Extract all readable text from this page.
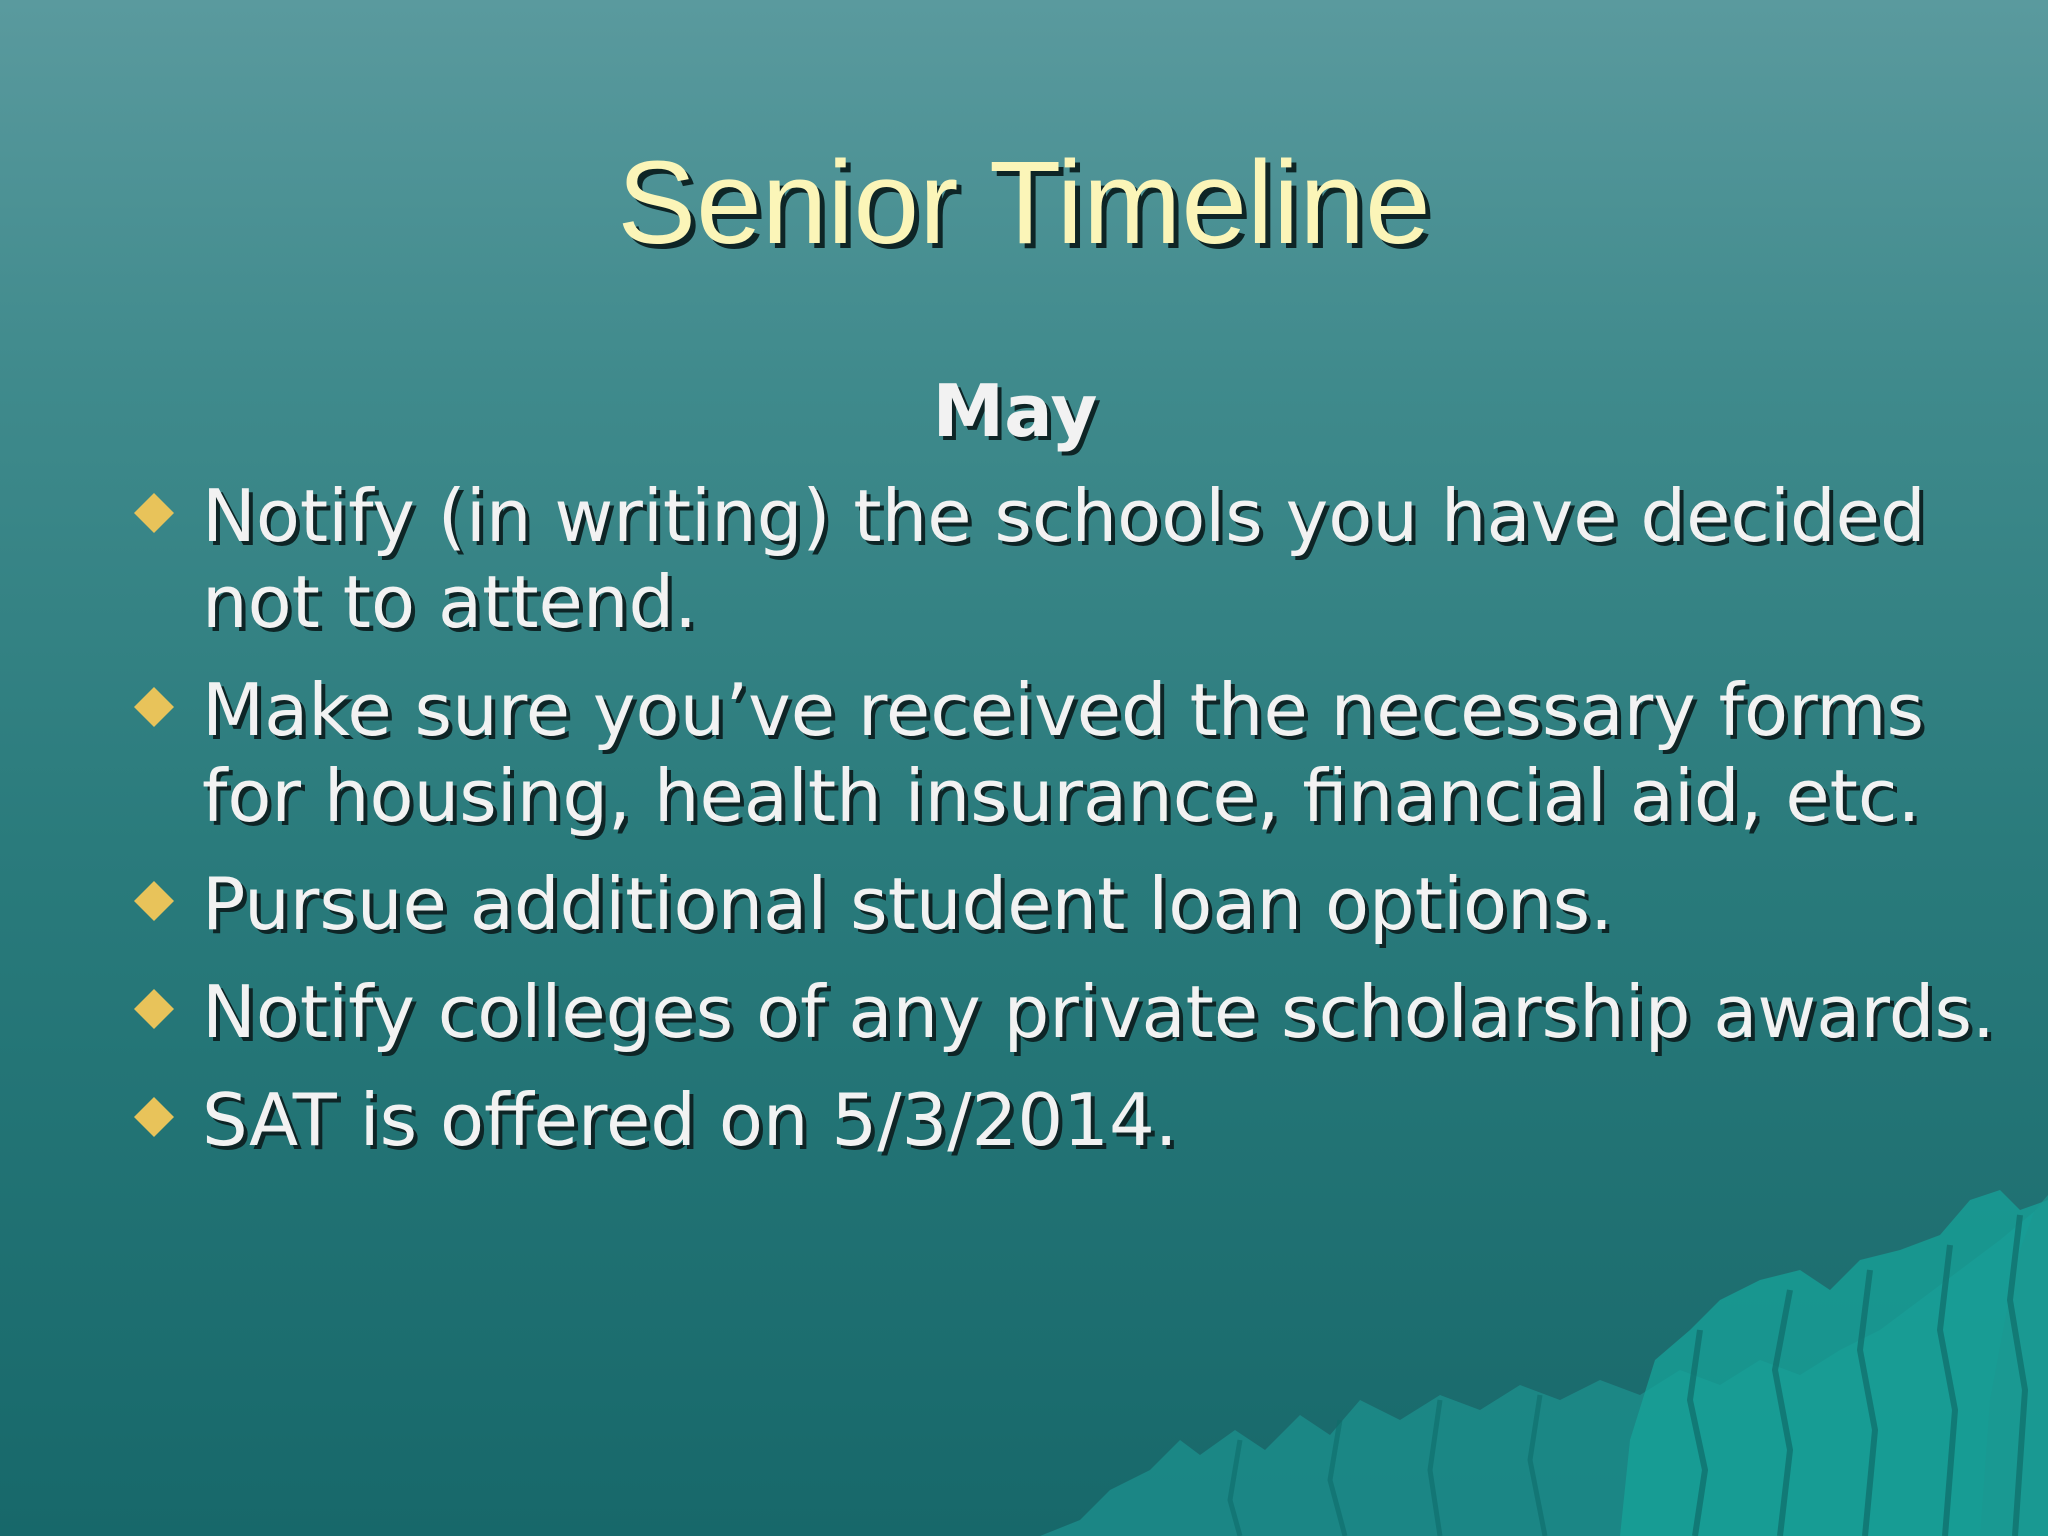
Senior Timeline
May
Notify (in writing) the schools you have decided not to attend.
Make sure you’ve received the necessary forms for housing, health insurance, financial aid, etc.
Pursue additional student loan options.
Notify colleges of any private scholarship awards.
SAT is offered on 5/3/2014.
